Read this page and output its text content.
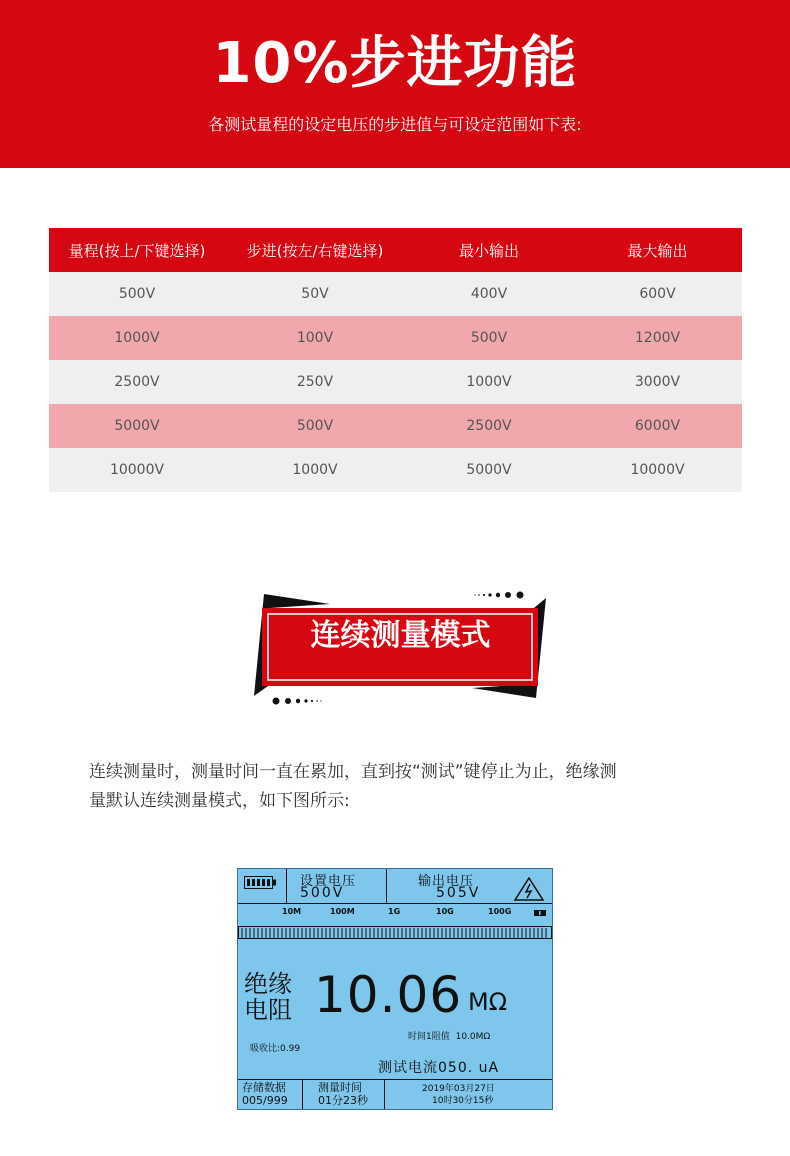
10%步进功能
各测试量程的设定电压的步进值与可设定范围如下表:
量程(按上/下键选择)	步进(按左/右键选择)	最小输出	最大输出
500V	50V	400V	600V
1000V	100V	500V	1200V
2500V	250V	1000V	3000V
5000V	500V	2500V	6000V
10000V	1000V	5000V	10000V
连续测量模式
连续测量时，测量时间一直在累加，直到按“测试”键停止为止，绝缘测
量默认连续测量模式，如下图所示:
设置电压
500V
输出电压
505V
10M	100M	1G	10G	100G
绝缘
电阻 10.06 MΩ
时间1阻值 10.0MΩ
吸收比:0.99
测试电流050. uA
存储数据
005/999
测量时间
01分23秒
2019年03月27日
10时30分15秒
